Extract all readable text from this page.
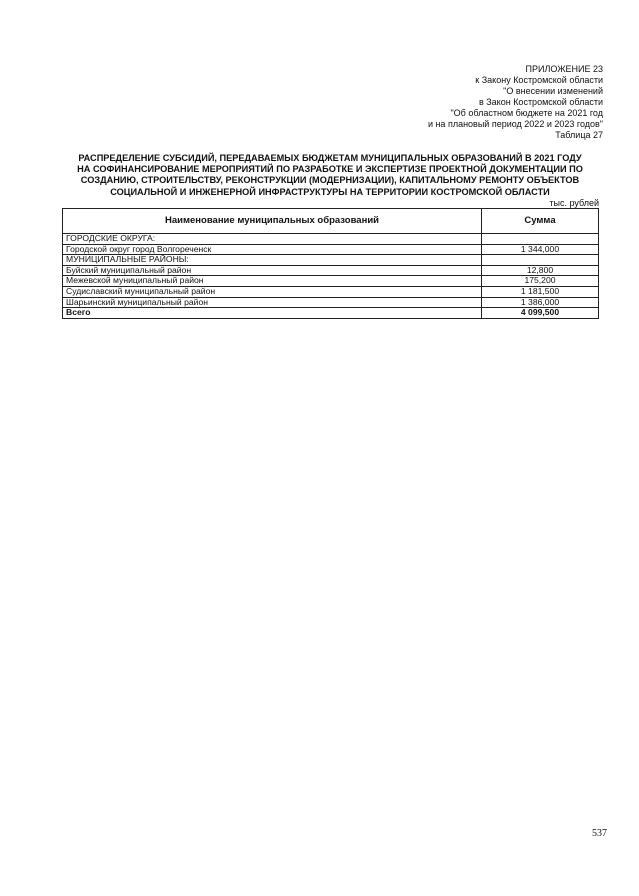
ПРИЛОЖЕНИЕ 23
к Закону Костромской области
"О внесении изменений
в Закон Костромской области
"Об областном бюджете на 2021 год
и на плановый период 2022 и 2023 годов"
Таблица 27
РАСПРЕДЕЛЕНИЕ СУБСИДИЙ, ПЕРЕДАВАЕМЫХ БЮДЖЕТАМ МУНИЦИПАЛЬНЫХ ОБРАЗОВАНИЙ В 2021 ГОДУ
НА СОФИНАНСИРОВАНИЕ МЕРОПРИЯТИЙ ПО РАЗРАБОТКЕ И ЭКСПЕРТИЗЕ ПРОЕКТНОЙ ДОКУМЕНТАЦИИ ПО
СОЗДАНИЮ, СТРОИТЕЛЬСТВУ, РЕКОНСТРУКЦИИ (МОДЕРНИЗАЦИИ), КАПИТАЛЬНОМУ РЕМОНТУ ОБЪЕКТОВ
СОЦИАЛЬНОЙ И ИНЖЕНЕРНОЙ ИНФРАСТРУКТУРЫ НА ТЕРРИТОРИИ КОСТРОМСКОЙ ОБЛАСТИ
тыс. рублей
Наименование муниципальных образований	Сумма
ГОРОДСКИЕ ОКРУГА:	
Городской округ город Волгореченск	1 344,000
МУНИЦИПАЛЬНЫЕ РАЙОНЫ:	
Буйский муниципальный район	12,800
Межевской муниципальный район	175,200
Судиславский муниципальный район	1 181,500
Шарьинский муниципальный район	1 386,000
Всего	4 099,500
537
